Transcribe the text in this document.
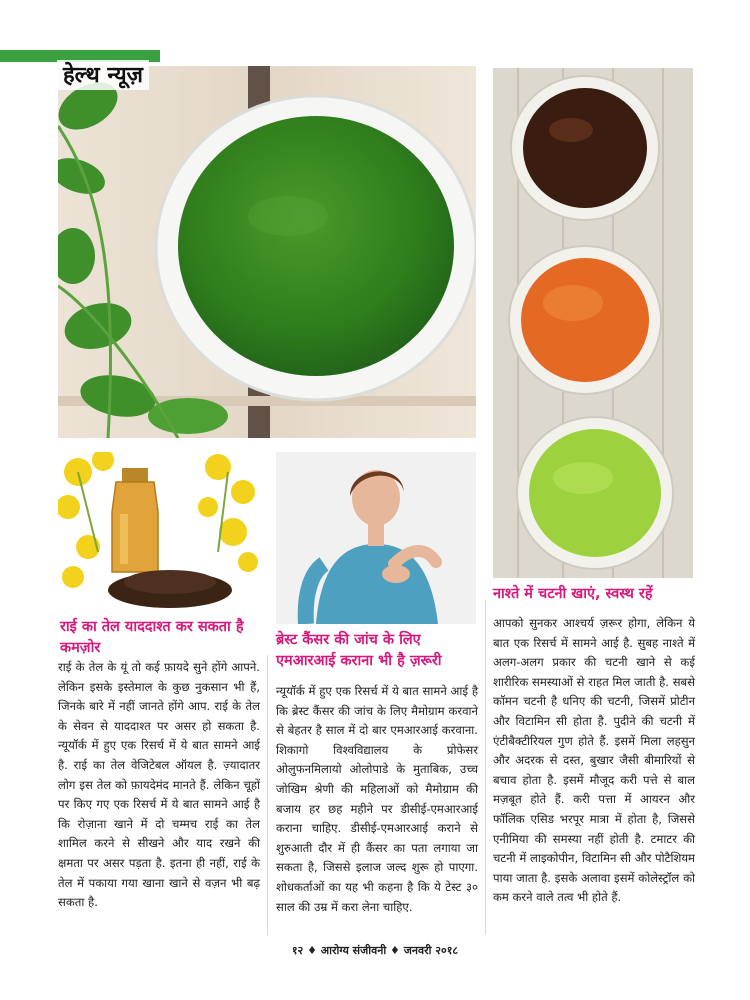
हेल्थ न्यूज़
राई का तेल याददाश्त कर सकता है कमज़ोर	ब्रेस्ट कैंसर की जांच के लिए एमआरआई कराना भी है ज़रूरी
नाश्ते में चटनी खाएं, स्वस्थ रहें
राई के तेल के यूं तो कई फ़ायदे सुने होंगे आपने. लेकिन इसके इस्तेमाल के कुछ नुकसान भी हैं, जिनके बारे में नहीं जानते होंगे आप. राई के तेल के सेवन से याददाश्त पर असर हो सकता है. न्यूयॉर्क में हुए एक रिसर्च में ये बात सामने आई है. राई का तेल वेजिटेबल ऑयल है. ज़्यादातर लोग इस तेल को फ़ायदेमंद मानते हैं. लेकिन चूहों पर किए गए एक रिसर्च में ये बात सामने आई है कि रोज़ाना खाने में दो चम्मच राई का तेल शामिल करने से सीखने और याद रखने की क्षमता पर असर पड़ता है. इतना ही नहीं, राई के तेल में पकाया गया खाना खाने से वज़न भी बढ़ सकता है.
न्यूयॉर्क में हुए एक रिसर्च में ये बात सामने आई है कि ब्रेस्ट कैंसर की जांच के लिए मैमोग्राम करवाने से बेहतर है साल में दो बार एमआरआई करवाना. शिकागो विश्वविद्यालय के प्रोफेसर ओलुफनमिलायो ओलोपाडे के मुताबिक, उच्च जोखिम श्रेणी की महिलाओं को मैमोग्राम की बजाय हर छह महीने पर डीसीई-एमआरआई कराना चाहिए. डीसीई-एमआरआई कराने से शुरुआती दौर में ही कैंसर का पता लगाया जा सकता है, जिससे इलाज जल्द शुरू हो पाएगा. शोधकर्ताओं का यह भी कहना है कि ये टेस्ट ३० साल की उम्र में करा लेना चाहिए.
आपको सुनकर आश्चर्य ज़रूर होगा, लेकिन ये बात एक रिसर्च में सामने आई है. सुबह नाश्ते में अलग-अलग प्रकार की चटनी खाने से कई शारीरिक समस्याओं से राहत मिल जाती है. सबसे कॉमन चटनी है धनिए की चटनी, जिसमें प्रोटीन और विटामिन सी होता है. पुदीने की चटनी में एंटीबैक्टीरियल गुण होते हैं. इसमें मिला लहसुन और अदरक से दस्त, बुखार जैसी बीमारियों से बचाव होता है. इसमें मौजूद करी पत्ते से बाल मज़बूत होते हैं. करी पत्ता में आयरन और फॉलिक एसिड भरपूर मात्रा में होता है, जिससे एनीमिया की समस्या नहीं होती है. टमाटर की चटनी में लाइकोपीन, विटामिन सी और पोटैशियम पाया जाता है. इसके अलावा इसमें कोलेस्ट्रॉल को कम करने वाले तत्व भी होते हैं.
१२ ♦ आरोग्य संजीवनी ♦ जनवरी २०१८
